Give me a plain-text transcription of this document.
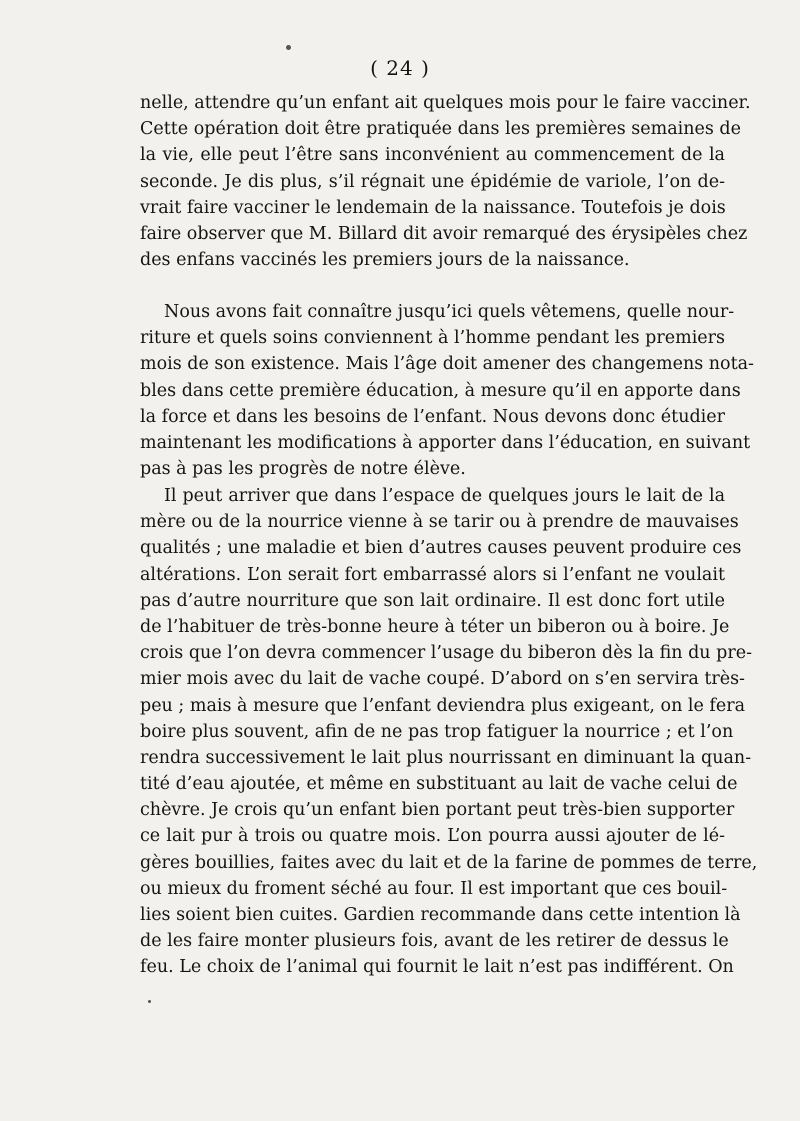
( 24 )
nelle, attendre qu’un enfant ait quelques mois pour le faire vacciner.
Cette opération doit être pratiquée dans les premières semaines de
la vie, elle peut l’être sans inconvénient au commencement de la
seconde. Je dis plus, s’il régnait une épidémie de variole, l’on de-
vrait faire vacciner le lendemain de la naissance. Toutefois je dois
faire observer que M. Billard dit avoir remarqué des érysipèles chez
des enfans vaccinés les premiers jours de la naissance.
Nous avons fait connaître jusqu’ici quels vêtemens, quelle nour-
riture et quels soins conviennent à l’homme pendant les premiers
mois de son existence. Mais l’âge doit amener des changemens nota-
bles dans cette première éducation, à mesure qu’il en apporte dans
la force et dans les besoins de l’enfant. Nous devons donc étudier
maintenant les modifications à apporter dans l’éducation, en suivant
pas à pas les progrès de notre élève.
Il peut arriver que dans l’espace de quelques jours le lait de la
mère ou de la nourrice vienne à se tarir ou à prendre de mauvaises
qualités ; une maladie et bien d’autres causes peuvent produire ces
altérations. L’on serait fort embarrassé alors si l’enfant ne voulait
pas d’autre nourriture que son lait ordinaire. Il est donc fort utile
de l’habituer de très-bonne heure à téter un biberon ou à boire. Je
crois que l’on devra commencer l’usage du biberon dès la fin du pre-
mier mois avec du lait de vache coupé. D’abord on s’en servira très-
peu ; mais à mesure que l’enfant deviendra plus exigeant, on le fera
boire plus souvent, afin de ne pas trop fatiguer la nourrice ; et l’on
rendra successivement le lait plus nourrissant en diminuant la quan-
tité d’eau ajoutée, et même en substituant au lait de vache celui de
chèvre. Je crois qu’un enfant bien portant peut très-bien supporter
ce lait pur à trois ou quatre mois. L’on pourra aussi ajouter de lé-
gères bouillies, faites avec du lait et de la farine de pommes de terre,
ou mieux du froment séché au four. Il est important que ces bouil-
lies soient bien cuites. Gardien recommande dans cette intention là
de les faire monter plusieurs fois, avant de les retirer de dessus le
feu. Le choix de l’animal qui fournit le lait n’est pas indifférent. On
